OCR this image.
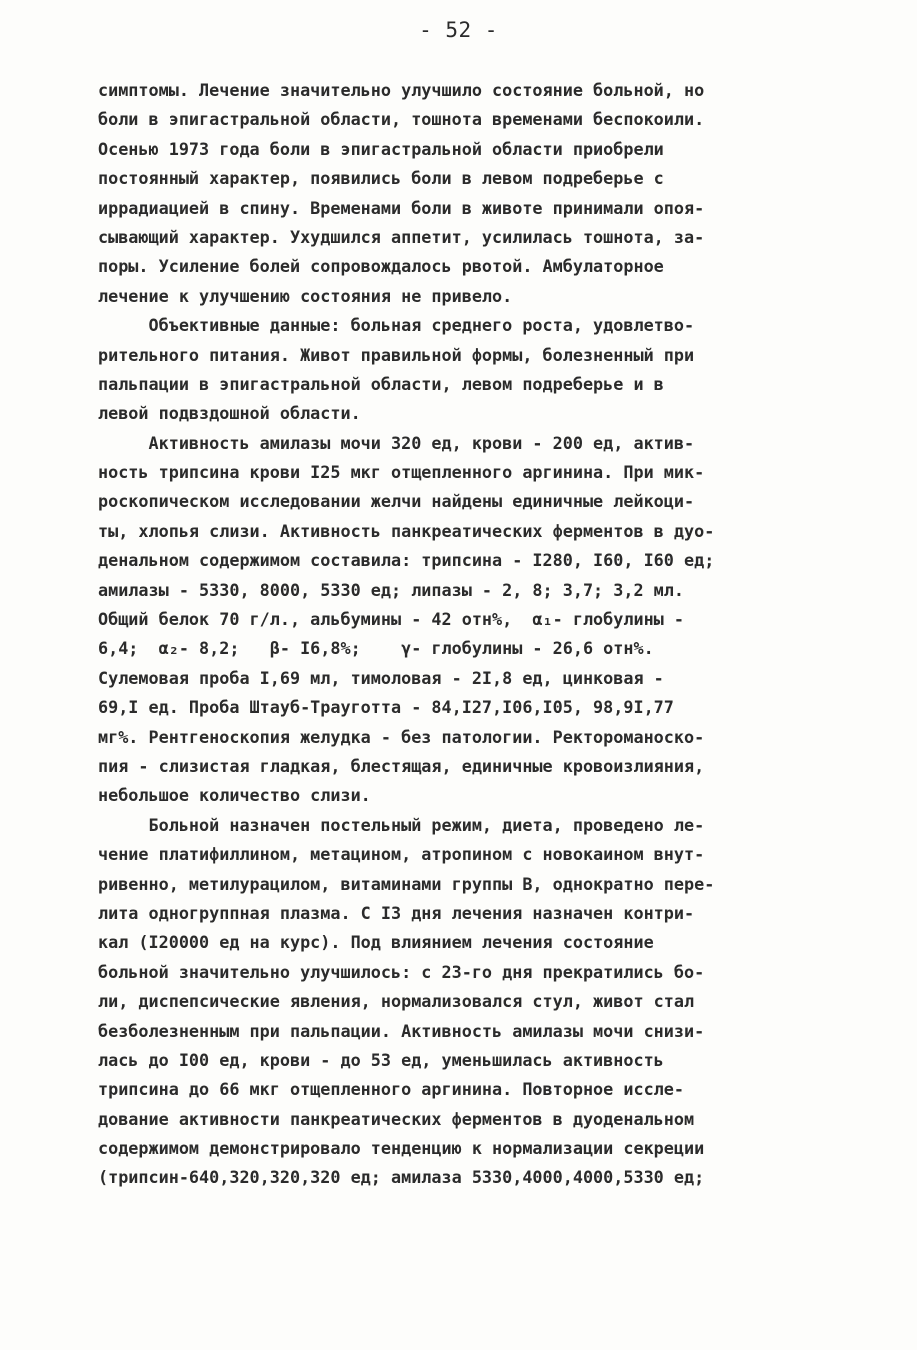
- 52 -
симптомы. Лечение значительно улучшило состояние больной, но
боли в эпигастральной области, тошнота временами беспокоили.
Осенью 1973 года боли в эпигастральной области приобрели
постоянный характер, появились боли в левом подреберье с
иррадиацией в спину. Временами боли в животе принимали опоя-
сывающий характер. Ухудшился аппетит, усилилась тошнота, за-
поры. Усиление болей сопровождалось рвотой. Амбулаторное
лечение к улучшению состояния не привело.
Объективные данные: больная среднего роста, удовлетво-
рительного питания. Живот правильной формы, болезненный при
пальпации в эпигастральной области, левом подреберье и в
левой подвздошной области.
Активность амилазы мочи 320 ед, крови - 200 ед, актив-
ность трипсина крови I25 мкг отщепленного аргинина. При мик-
роскопическом исследовании желчи найдены единичные лейкоци-
ты, хлопья слизи. Активность панкреатических ферментов в дуо-
денальном содержимом составила: трипсина - I280, I60, I60 ед;
амилазы - 5330, 8000, 5330 ед; липазы - 2, 8; 3,7; 3,2 мл.
Общий белок 70 г/л., альбумины - 42 отн%,  α₁- глобулины -
6,4;  α₂- 8,2;   β- I6,8%;    γ- глобулины - 26,6 отн%.
Сулемовая проба I,69 мл, тимоловая - 2I,8 ед, цинковая -
69,I ед. Проба Штауб-Трауготта - 84,I27,I06,I05, 98,9I,77
мг%. Рентгеноскопия желудка - без патологии. Ректороманоско-
пия - слизистая гладкая, блестящая, единичные кровоизлияния,
небольшое количество слизи.
Больной назначен постельный режим, диета, проведено ле-
чение платифиллином, метацином, атропином с новокаином внут-
ривенно, метилурацилом, витаминами группы В, однократно пере-
лита одногруппная плазма. С I3 дня лечения назначен контри-
кал (I20000 ед на курс). Под влиянием лечения состояние
больной значительно улучшилось: с 23-го дня прекратились бо-
ли, диспепсические явления, нормализовался стул, живот стал
безболезненным при пальпации. Активность амилазы мочи снизи-
лась до I00 ед, крови - до 53 ед, уменьшилась активность
трипсина до 66 мкг отщепленного аргинина. Повторное иссле-
дование активности панкреатических ферментов в дуоденальном
содержимом демонстрировало тенденцию к нормализации секреции
(трипсин-640,320,320,320 ед; амилаза 5330,4000,4000,5330 ед;
